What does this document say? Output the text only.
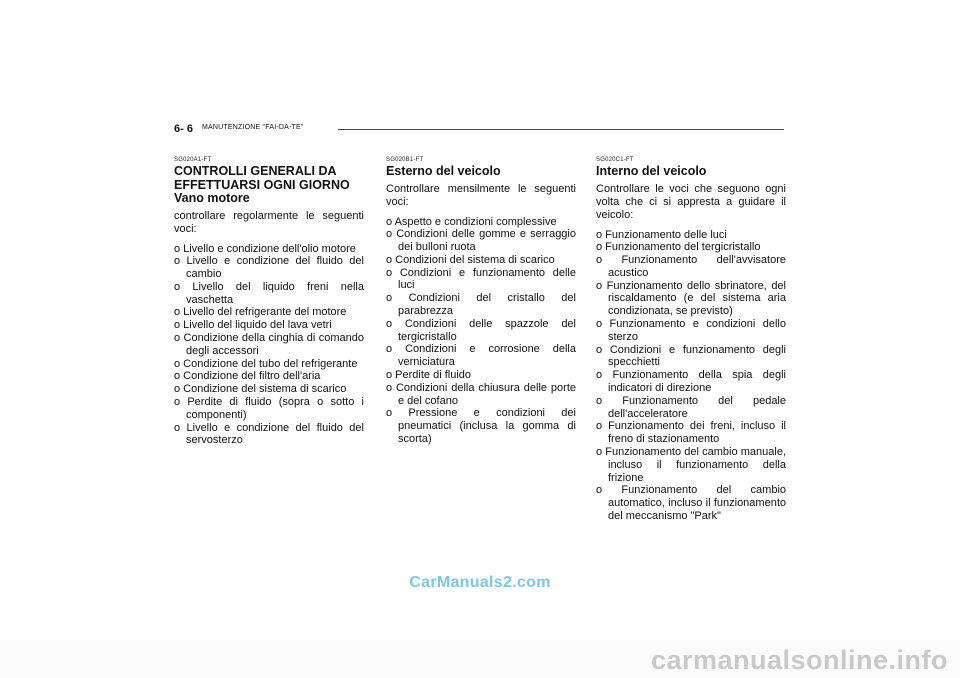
6- 6 MANUTENZIONE "FAI-DA-TE"
SG020A1-FT
CONTROLLI GENERALI DA EFFETTUARSI OGNI GIORNO Vano motore
controllare regolarmente le seguenti voci:
o Livello e condizione dell'olio motore
o Livello e condizione del fluido del cambio
o Livello del liquido freni nella vaschetta
o Livello del refrigerante del motore
o Livello del liquido del lava vetri
o Condizione della cinghia di comando degli accessori
o Condizione del tubo del refrigerante
o Condizione del filtro dell'aria
o Condizione del sistema di scarico
o Perdite di fluido (sopra o sotto i componenti)
o Livello e condizione del fluido del servosterzo
SG020B1-FT
Esterno del veicolo
Controllare mensilmente le seguenti voci:
o Aspetto e condizioni complessive
o Condizioni delle gomme e serraggio dei bulloni ruota
o Condizioni del sistema di scarico
o Condizioni e funzionamento delle luci
o Condizioni del cristallo del parabrezza
o Condizioni delle spazzole del tergicristallo
o Condizioni e corrosione della verniciatura
o Perdite di fluido
o Condizioni della chiusura delle porte e del cofano
o Pressione e condizioni dei pneumatici (inclusa la gomma di scorta)
SG020C1-FT
Interno del veicolo
Controllare le voci che seguono ogni volta che ci si appresta a guidare il veicolo:
o Funzionamento delle luci
o Funzionamento del tergicristallo
o Funzionamento dell'avvisatore acustico
o Funzionamento dello sbrinatore, del riscaldamento (e del sistema aria condizionata, se previsto)
o Funzionamento e condizioni dello sterzo
o Condizioni e funzionamento degli specchietti
o Funzionamento della spia degli indicatori di direzione
o Funzionamento del pedale dell'acceleratore
o Funzionamento dei freni, incluso il freno di stazionamento
o Funzionamento del cambio manuale, incluso il funzionamento della frizione
o Funzionamento del cambio automatico, incluso il funzionamento del meccanismo "Park"
CarManuals2.com
carmanualsonline.info
